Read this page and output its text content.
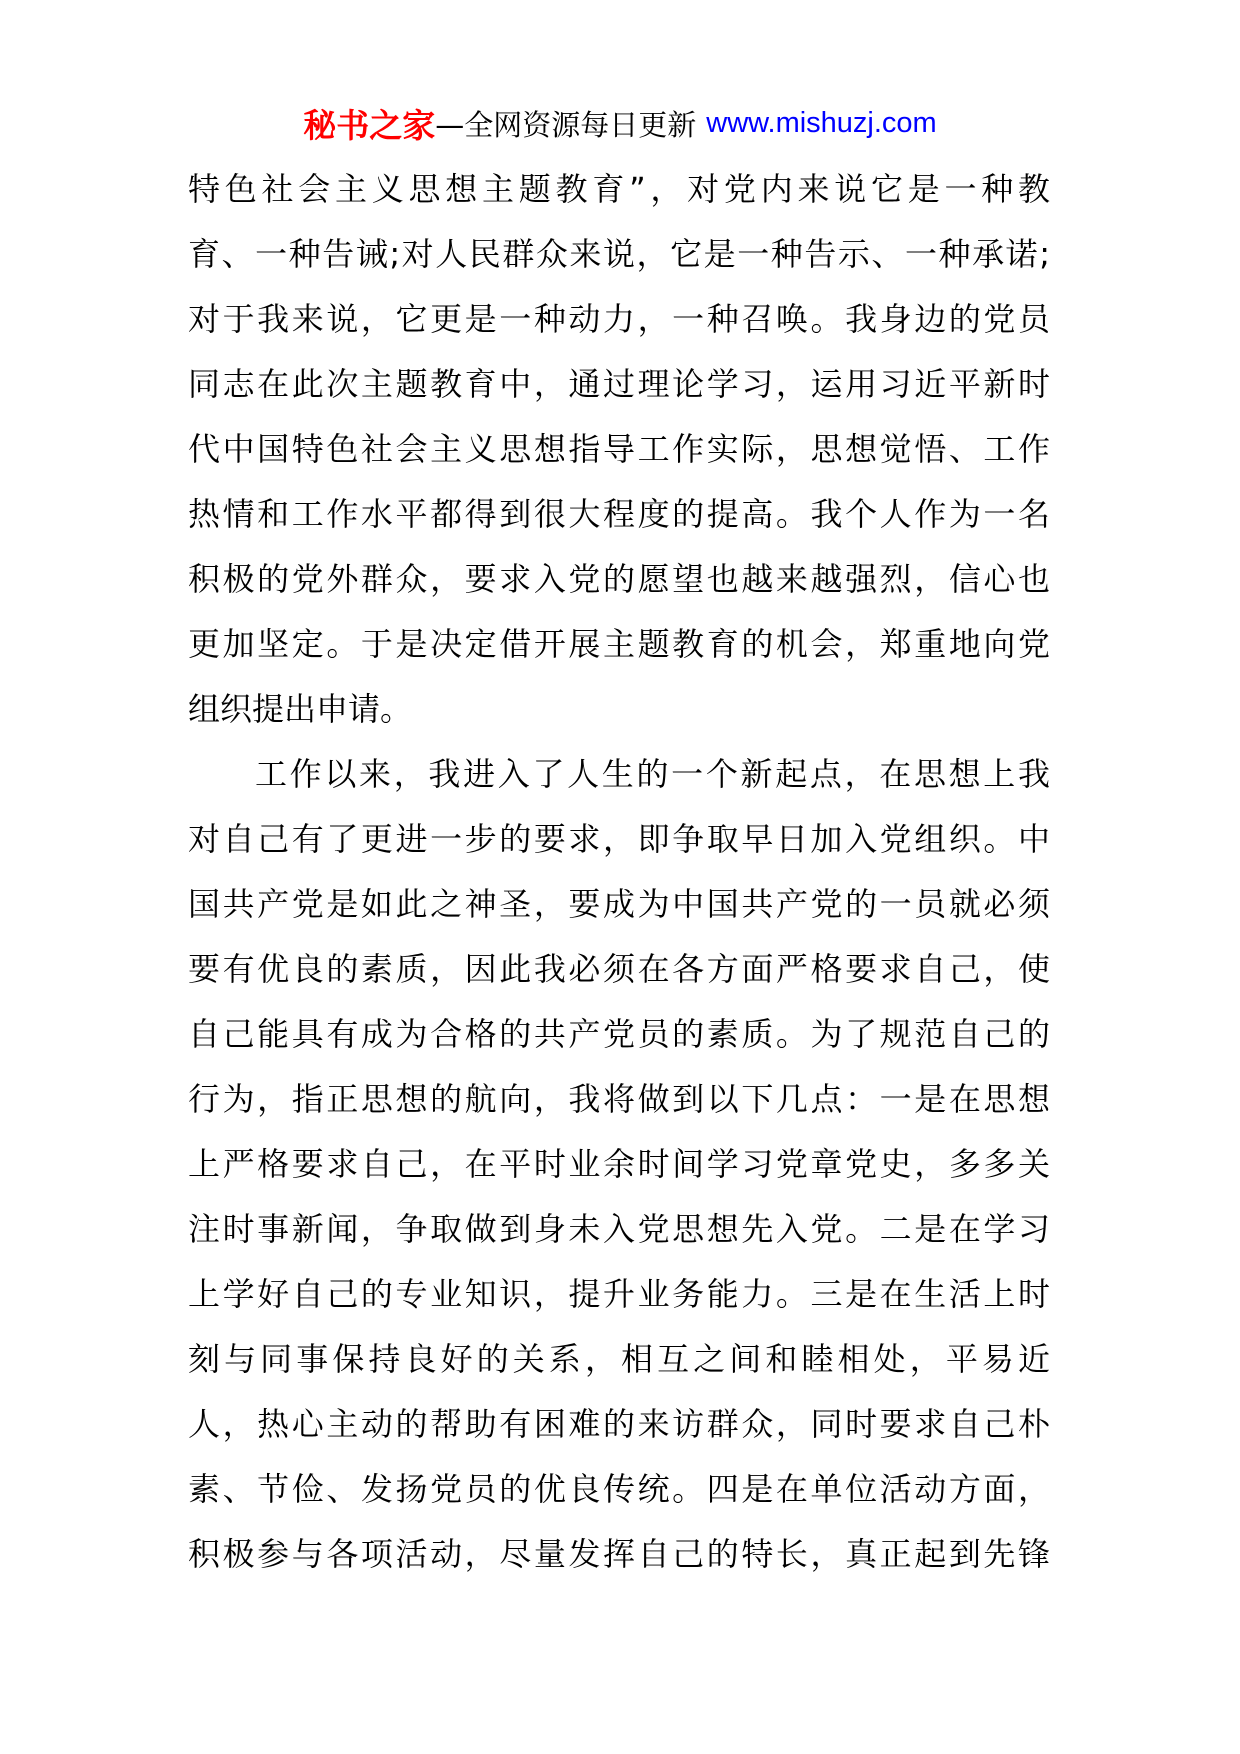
秘书之家 —全网资源每日更新 www.mishuzj.com
特色社会主义思想主题教育”，对党内来说它是一种教
育、一种告诫;对人民群众来说，它是一种告示、一种承诺;
对于我来说，它更是一种动力，一种召唤。我身边的党员
同志在此次主题教育中，通过理论学习，运用习近平新时
代中国特色社会主义思想指导工作实际，思想觉悟、工作
热情和工作水平都得到很大程度的提高。我个人作为一名
积极的党外群众，要求入党的愿望也越来越强烈，信心也
更加坚定。于是决定借开展主题教育的机会，郑重地向党
组织提出申请。
工作以来，我进入了人生的一个新起点，在思想上我
对自己有了更进一步的要求，即争取早日加入党组织。中
国共产党是如此之神圣，要成为中国共产党的一员就必须
要有优良的素质，因此我必须在各方面严格要求自己，使
自己能具有成为合格的共产党员的素质。为了规范自己的
行为，指正思想的航向，我将做到以下几点：一是在思想
上严格要求自己，在平时业余时间学习党章党史，多多关
注时事新闻，争取做到身未入党思想先入党。二是在学习
上学好自己的专业知识，提升业务能力。三是在生活上时
刻与同事保持良好的关系，相互之间和睦相处，平易近
人，热心主动的帮助有困难的来访群众，同时要求自己朴
素、节俭、发扬党员的优良传统。四是在单位活动方面，
积极参与各项活动，尽量发挥自己的特长，真正起到先锋
